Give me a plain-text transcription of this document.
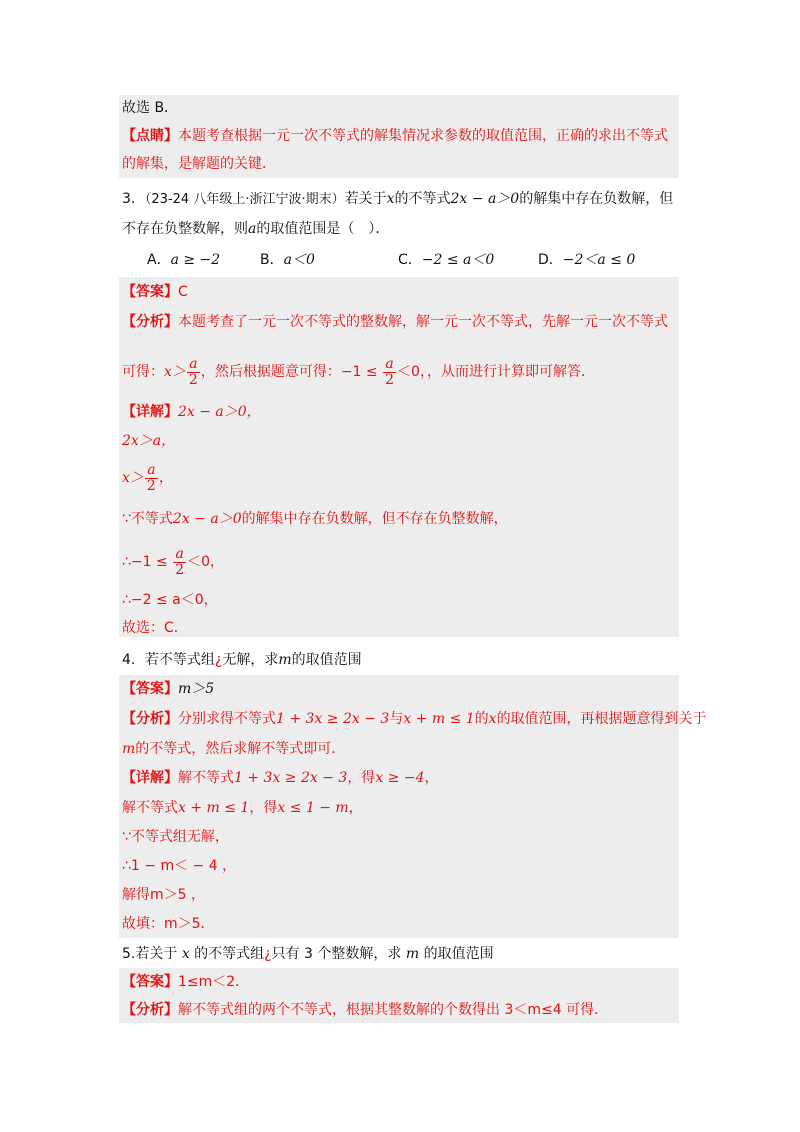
故选 B．
【点睛】本题考查根据一元一次不等式的解集情况求参数的取值范围，正确的求出不等式
的解集，是解题的关键．
3．（23-24 八年级上·浙江宁波·期末）若关于x的不等式2x − a＞0的解集中存在负数解，但
不存在负整数解，则a的取值范围是（　）．
A．a ≥ −2	B．a＜0	C．−2 ≤ a＜0	D．−2＜a ≤ 0
【答案】C
【分析】本题考查了一元一次不等式的整数解，解一元一次不等式，先解一元一次不等式
可得：$x> \frac{a}{2}$ ，然后根据题意可得：$-1 \le \frac{a}{2} <0$，，从而进行计算即可解答．
【详解】2x − a＞0，
2x＞a，
$x> \frac{a}{2}$ ，
∵不等式2x − a＞0的解集中存在负数解，但不存在负整数解，
∴−1 ≤ $\frac{a}{2} <0$，
∴−2 ≤ a＜0，
故选：C．
4．若不等式组¿无解，求m的取值范围
【答案】m＞5
【分析】分别求得不等式1 + 3x ≥ 2x − 3与x + m ≤ 1的x的取值范围，再根据题意得到关于
m的不等式，然后求解不等式即可．
【详解】解不等式1 + 3x ≥ 2x − 3，得x ≥ −4，
解不等式x + m ≤ 1，得x ≤ 1 − m，
∵不等式组无解，
∴1 − m＜ − 4 ，
解得m＞5 ，
故填：m＞5．
5.若关于 x 的不等式组¿只有 3 个整数解，求 m 的取值范围
【答案】1≤m＜2．
【分析】解不等式组的两个不等式，根据其整数解的个数得出 3＜m≤4 可得．
